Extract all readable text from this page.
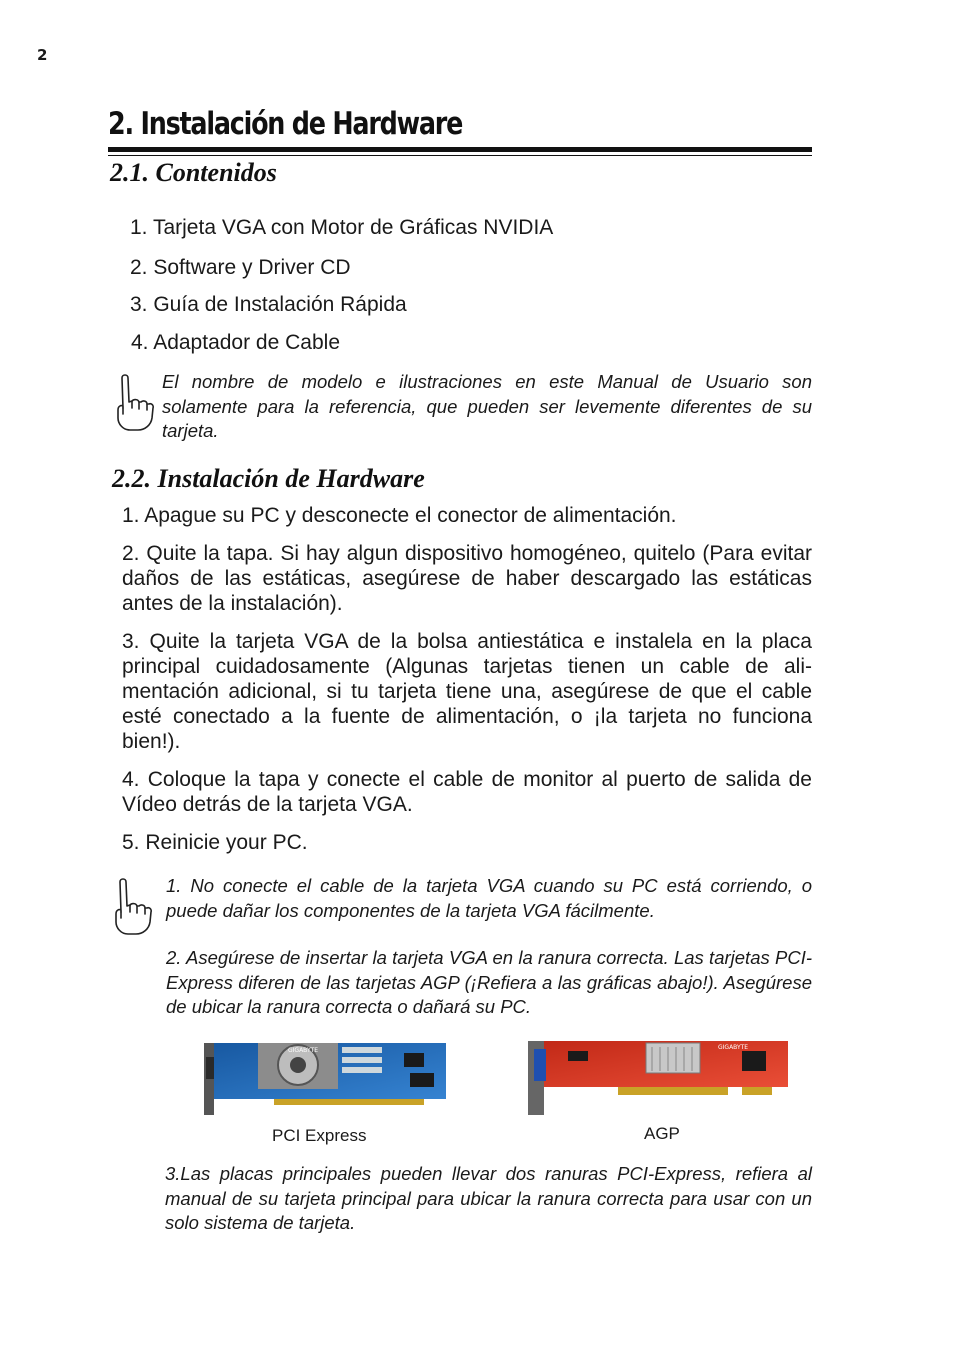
2
2. Instalación de Hardware
2.1. Contenidos
1. Tarjeta VGA con Motor de Gráficas NVIDIA
2. Software y Driver CD
3. Guía de Instalación Rápida
4. Adaptador de Cable
El nombre de modelo e ilustraciones en este Manual de Usuario son solamente para la referencia, que pueden ser levemente diferentes de su tarjeta.
2.2. Instalación de Hardware
1. Apague su PC y desconecte el conector de alimentación.
2. Quite la tapa. Si hay algun dispositivo homogéneo, quitelo (Para evitar daños de las estáticas, asegúrese de haber descargado las estáticas antes de la instalación).
3. Quite la tarjeta VGA de la bolsa antiestática e instalela en la placa principal cuidadosamente (Algunas tarjetas tienen un cable de ali-mentación adicional, si tu tarjeta tiene una, asegúrese de que el cable esté conectado a la fuente de alimentación, o ¡la tarjeta no funciona bien!).
4. Coloque la tapa y conecte el cable de monitor al puerto de salida de Vídeo detrás de la tarjeta VGA.
5. Reinicie your PC.
1. No conecte el cable de la tarjeta VGA cuando su PC está corriendo, o puede dañar los componentes de la tarjeta VGA fácilmente.
2. Asegúrese de insertar la tarjeta VGA en la ranura correcta. Las tarjetas PCI-Express diferen de las tarjetas AGP (¡Refiera a las gráficas abajo!). Asegúrese de ubicar la ranura correcta o dañará su PC.
GIGABYTE
PCI Express
GIGABYTE
AGP
3.Las placas principales pueden llevar dos ranuras PCI-Express, refiera al manual de su tarjeta principal para ubicar la ranura correcta para usar con un solo sistema de tarjeta.
